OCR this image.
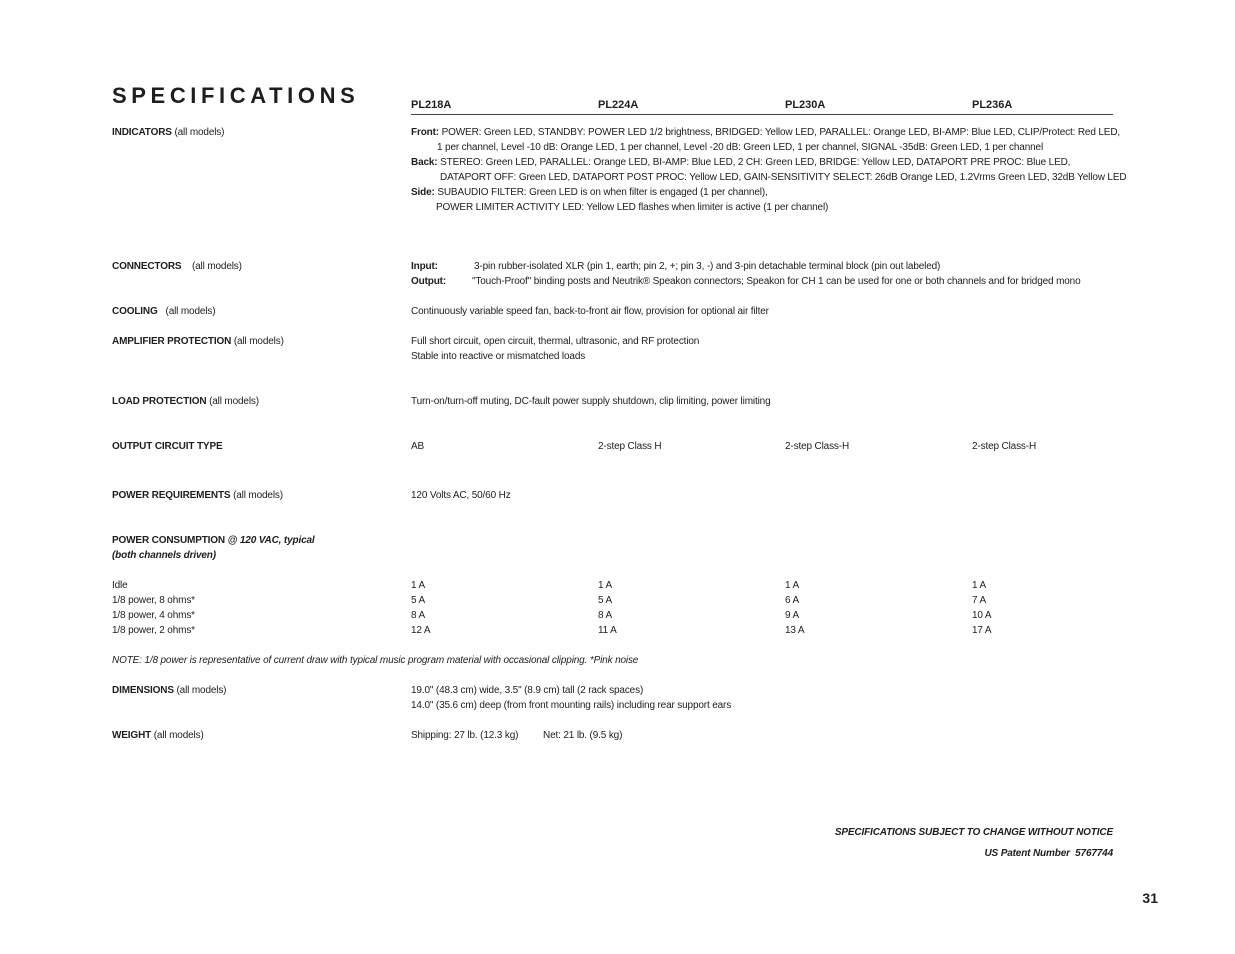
SPECIFICATIONS	PL218A	PL224A	PL230A	PL236A
INDICATORS (all models)	Front: POWER: Green LED, STANDBY: POWER LED 1/2 brightness, BRIDGED: Yellow LED, PARALLEL: Orange LED, BI-AMP: Blue LED, CLIP/Protect: Red LED,
1 per channel, Level -10 dB: Orange LED, 1 per channel, Level -20 dB: Green LED, 1 per channel, SIGNAL -35dB: Green LED, 1 per channel
Back: STEREO: Green LED, PARALLEL: Orange LED, BI-AMP: Blue LED, 2 CH: Green LED, BRIDGE: Yellow LED, DATAPORT PRE PROC: Blue LED,
DATAPORT OFF: Green LED, DATAPORT POST PROC: Yellow LED, GAIN-SENSITIVITY SELECT: 26dB Orange LED, 1.2Vrms Green LED, 32dB Yellow LED
Side: SUBAUDIO FILTER: Green LED is on when filter is engaged (1 per channel),
POWER LIMITER ACTIVITY LED: Yellow LED flashes when limiter is active (1 per channel)
CONNECTORS (all models)	Input:	3-pin rubber-isolated XLR (pin 1, earth; pin 2, +; pin 3, -) and 3-pin detachable terminal block (pin out labeled)
Output:	"Touch-Proof" binding posts and Neutrik® Speakon connectors; Speakon for CH 1 can be used for one or both channels and for bridged mono
COOLING (all models)	Continuously variable speed fan, back-to-front air flow, provision for optional air filter
AMPLIFIER PROTECTION (all models)	Full short circuit, open circuit, thermal, ultrasonic, and RF protection
Stable into reactive or mismatched loads
LOAD PROTECTION (all models)	Turn-on/turn-off muting, DC-fault power supply shutdown, clip limiting, power limiting
OUTPUT CIRCUIT TYPE	AB	2-step Class H	2-step Class-H	2-step Class-H
POWER REQUIREMENTS (all models)	120 Volts AC, 50/60 Hz
POWER CONSUMPTION @ 120 VAC, typical
(both channels driven)
Idle	1 A	1 A	1 A	1 A
1/8 power, 8 ohms*	5 A	5 A	6 A	7 A
1/8 power, 4 ohms*	8 A	8 A	9 A	10 A
1/8 power, 2 ohms*	12 A	11 A	13 A	17 A
NOTE: 1/8 power is representative of current draw with typical music program material with occasional clipping. *Pink noise
DIMENSIONS (all models)	19.0" (48.3 cm) wide, 3.5" (8.9 cm) tall (2 rack spaces)
14.0" (35.6 cm) deep (from front mounting rails) including rear support ears
WEIGHT (all models)	Shipping: 27 lb. (12.3 kg) Net: 21 lb. (9.5 kg)
SPECIFICATIONS SUBJECT TO CHANGE WITHOUT NOTICE
US Patent Number  5767744
31
